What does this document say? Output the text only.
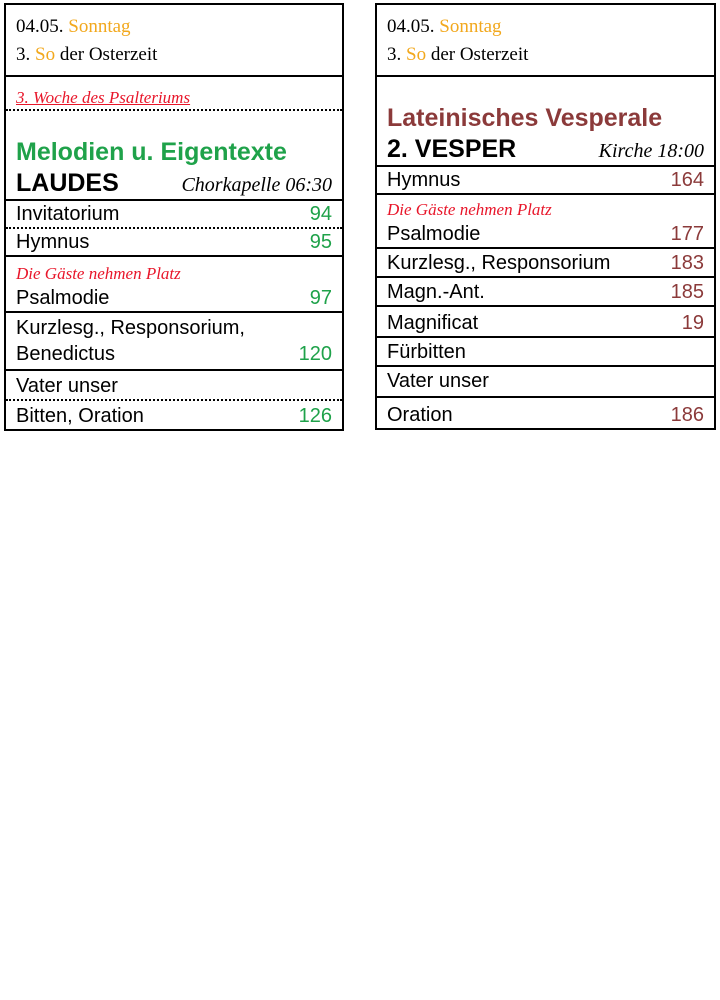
04.05. Sonntag
3. So der Osterzeit
3. Woche des Psalteriums
Melodien u. Eigentexte
LAUDES	Chorkapelle 06:30
Invitatorium	94
Hymnus	95
Die Gäste nehmen Platz
Psalmodie	97
Kurzlesg., Responsorium,
Benedictus	120
Vater unser
Bitten, Oration	126
04.05. Sonntag
3. So der Osterzeit
Lateinisches Vesperale
2. VESPER	Kirche 18:00
Hymnus	164
Die Gäste nehmen Platz
Psalmodie	177
Kurzlesg., Responsorium	183
Magn.-Ant.	185
Magnificat	19
Fürbitten
Vater unser
Oration	186
